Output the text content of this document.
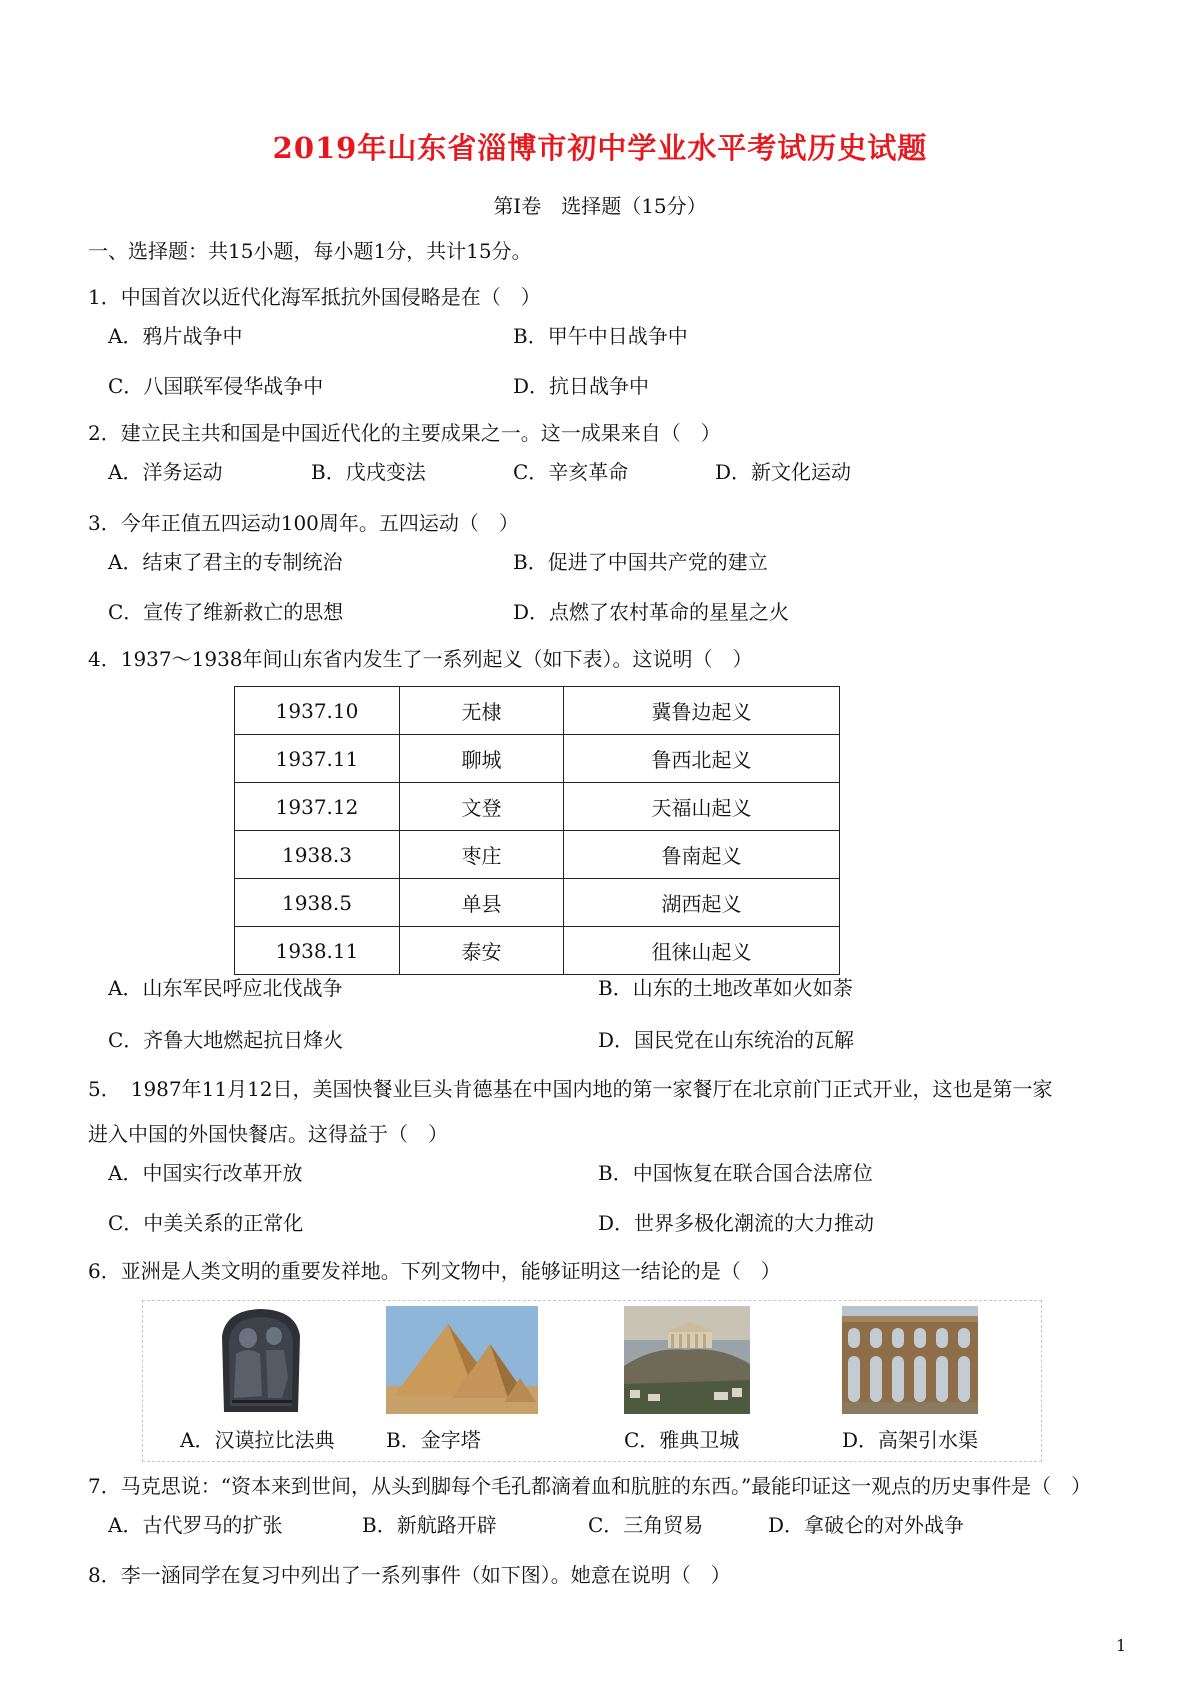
2019年山东省淄博市初中学业水平考试历史试题
第Ⅰ卷　选择题（15分）
一、选择题：共15小题，每小题1分，共计15分。
1．中国首次以近代化海军抵抗外国侵略是在（　）
A．鸦片战争中	B．甲午中日战争中
C．八国联军侵华战争中	D．抗日战争中
2．建立民主共和国是中国近代化的主要成果之一。这一成果来自（　）
A．洋务运动	B．戊戌变法	C．辛亥革命	D．新文化运动
3．今年正值五四运动100周年。五四运动（　）
A．结束了君主的专制统治	B．促进了中国共产党的建立
C．宣传了维新救亡的思想	D．点燃了农村革命的星星之火
4．1937～1938年间山东省内发生了一系列起义（如下表）。这说明（　）
1937.10	无棣	冀鲁边起义
1937.11	聊城	鲁西北起义
1937.12	文登	天福山起义
1938.3	枣庄	鲁南起义
1938.5	单县	湖西起义
1938.11	泰安	徂徕山起义
A．山东军民呼应北伐战争	B．山东的土地改革如火如荼
C．齐鲁大地燃起抗日烽火	D．国民党在山东统治的瓦解
5．　1987年11月12日，美国快餐业巨头肯德基在中国内地的第一家餐厅在北京前门正式开业，这也是第一家
进入中国的外国快餐店。这得益于（　）
A．中国实行改革开放	B．中国恢复在联合国合法席位
C．中美关系的正常化	D．世界多极化潮流的大力推动
6．亚洲是人类文明的重要发祥地。下列文物中，能够证明这一结论的是（　）
A．汉谟拉比法典	B．金字塔	C．雅典卫城	D．高架引水渠
7．马克思说：“资本来到世间，从头到脚每个毛孔都滴着血和肮脏的东西。”最能印证这一观点的历史事件是（　）
A．古代罗马的扩张	B．新航路开辟	C．三角贸易	D．拿破仑的对外战争
8．李一涵同学在复习中列出了一系列事件（如下图）。她意在说明（　）
1
